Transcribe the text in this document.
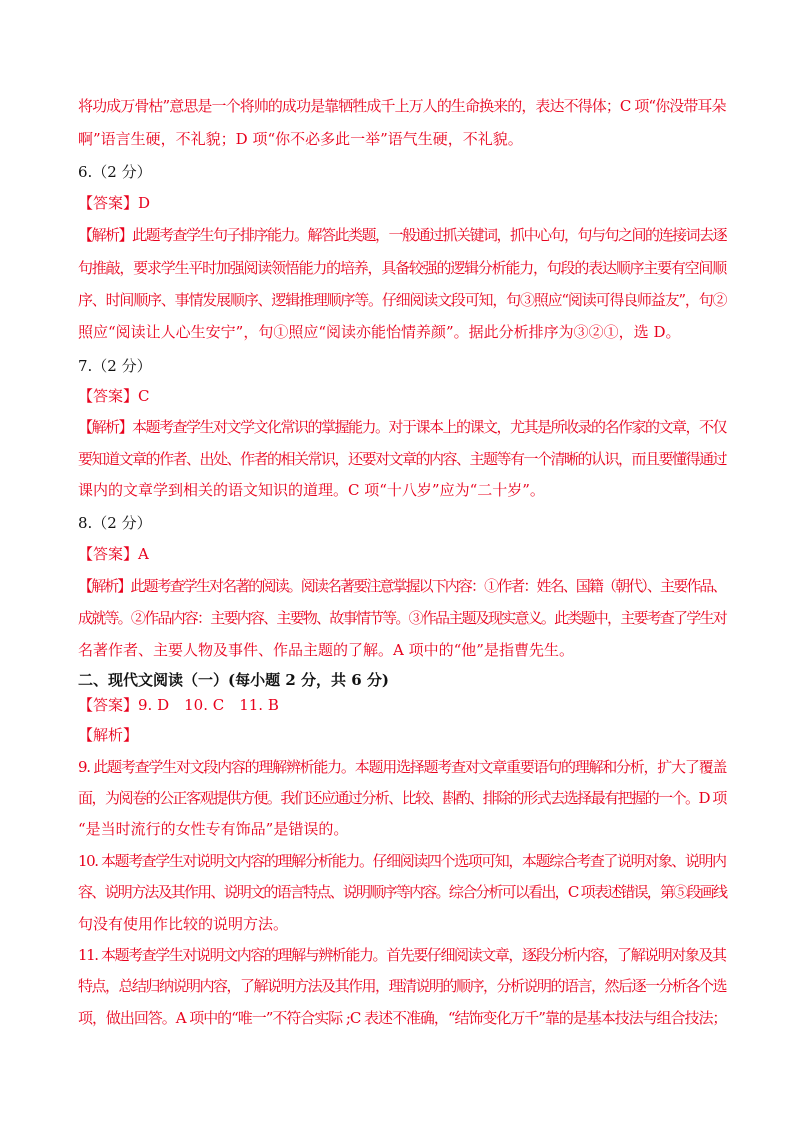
将功成万骨枯”意思是一个将帅的成功是靠牺牲成千上万人的生命换来的，表达不得体；C 项“你没带耳朵
啊”语言生硬，不礼貌；D 项“你不必多此一举”语气生硬，不礼貌。
6.（2 分）
【答案】D
【解析】此题考查学生句子排序能力。解答此类题，一般通过抓关键词，抓中心句，句与句之间的连接词去逐
句推敲，要求学生平时加强阅读领悟能力的培养，具备较强的逻辑分析能力，句段的表达顺序主要有空间顺
序、时间顺序、事情发展顺序、逻辑推理顺序等。仔细阅读文段可知，句③照应“阅读可得良师益友”，句②
照应“阅读让人心生安宁”，句①照应“阅读亦能怡情养颜”。据此分析排序为③②①，选 D。
7.（2 分）
【答案】C
【解析】本题考查学生对文学文化常识的掌握能力。对于课本上的课文，尤其是所收录的名作家的文章，不仅
要知道文章的作者、出处、作者的相关常识，还要对文章的内容、主题等有一个清晰的认识，而且要懂得通过
课内的文章学到相关的语文知识的道理。C 项“十八岁”应为“二十岁”。
8.（2 分）
【答案】A
【解析】此题考查学生对名著的阅读。阅读名著要注意掌握以下内容：①作者：姓名、国籍（朝代）、主要作品、
成就等。②作品内容：主要内容、主要物、故事情节等。③作品主题及现实意义。此类题中，主要考查了学生对
名著作者、主要人物及事件、作品主题的了解。A 项中的“他”是指曹先生。
二、现代文阅读（一）(每小题 2 分，共 6 分)
【答案】9. D　10. C　11. B
【解析】
9. 此题考查学生对文段内容的理解辨析能力。本题用选择题考查对文章重要语句的理解和分析，扩大了覆盖
面，为阅卷的公正客观提供方便。我们还应通过分析、比较、斟酌、排除的形式去选择最有把握的一个。D 项
“是当时流行的女性专有饰品”是错误的。
10. 本题考查学生对说明文内容的理解分析能力。仔细阅读四个选项可知，本题综合考查了说明对象、说明内
容、说明方法及其作用、说明文的语言特点、说明顺序等内容。综合分析可以看出，C 项表述错误，第⑤段画线
句没有使用作比较的说明方法。
11. 本题考查学生对说明文内容的理解与辨析能力。首先要仔细阅读文章，逐段分析内容，了解说明对象及其
特点，总结归纳说明内容，了解说明方法及其作用，理清说明的顺序，分析说明的语言，然后逐一分析各个选
项，做出回答。A 项中的“唯一”不符合实际 ;C 表述不准确，“结饰变化万千”靠的是基本技法与组合技法；
